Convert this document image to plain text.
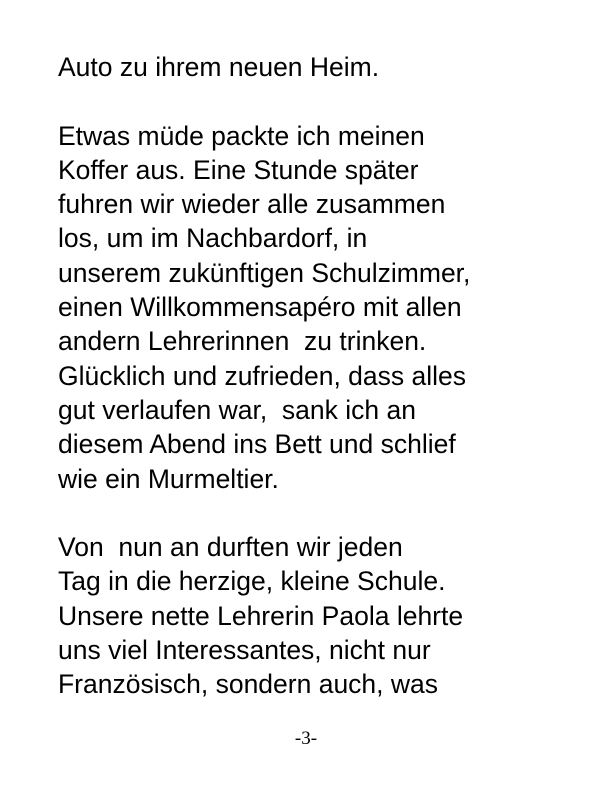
Auto zu ihrem neuen Heim.

Etwas müde packte ich meinen
Koffer aus. Eine Stunde später
fuhren wir wieder alle zusammen
los, um im Nachbardorf, in
unserem zukünftigen Schulzimmer,
einen Willkommensapéro mit allen
andern Lehrerinnen  zu trinken.
Glücklich und zufrieden, dass alles
gut verlaufen war,  sank ich an
diesem Abend ins Bett und schlief
wie ein Murmeltier.

Von  nun an durften wir jeden
Tag in die herzige, kleine Schule.
Unsere nette Lehrerin Paola lehrte
uns viel Interessantes, nicht nur
Französisch, sondern auch, was

-3-
